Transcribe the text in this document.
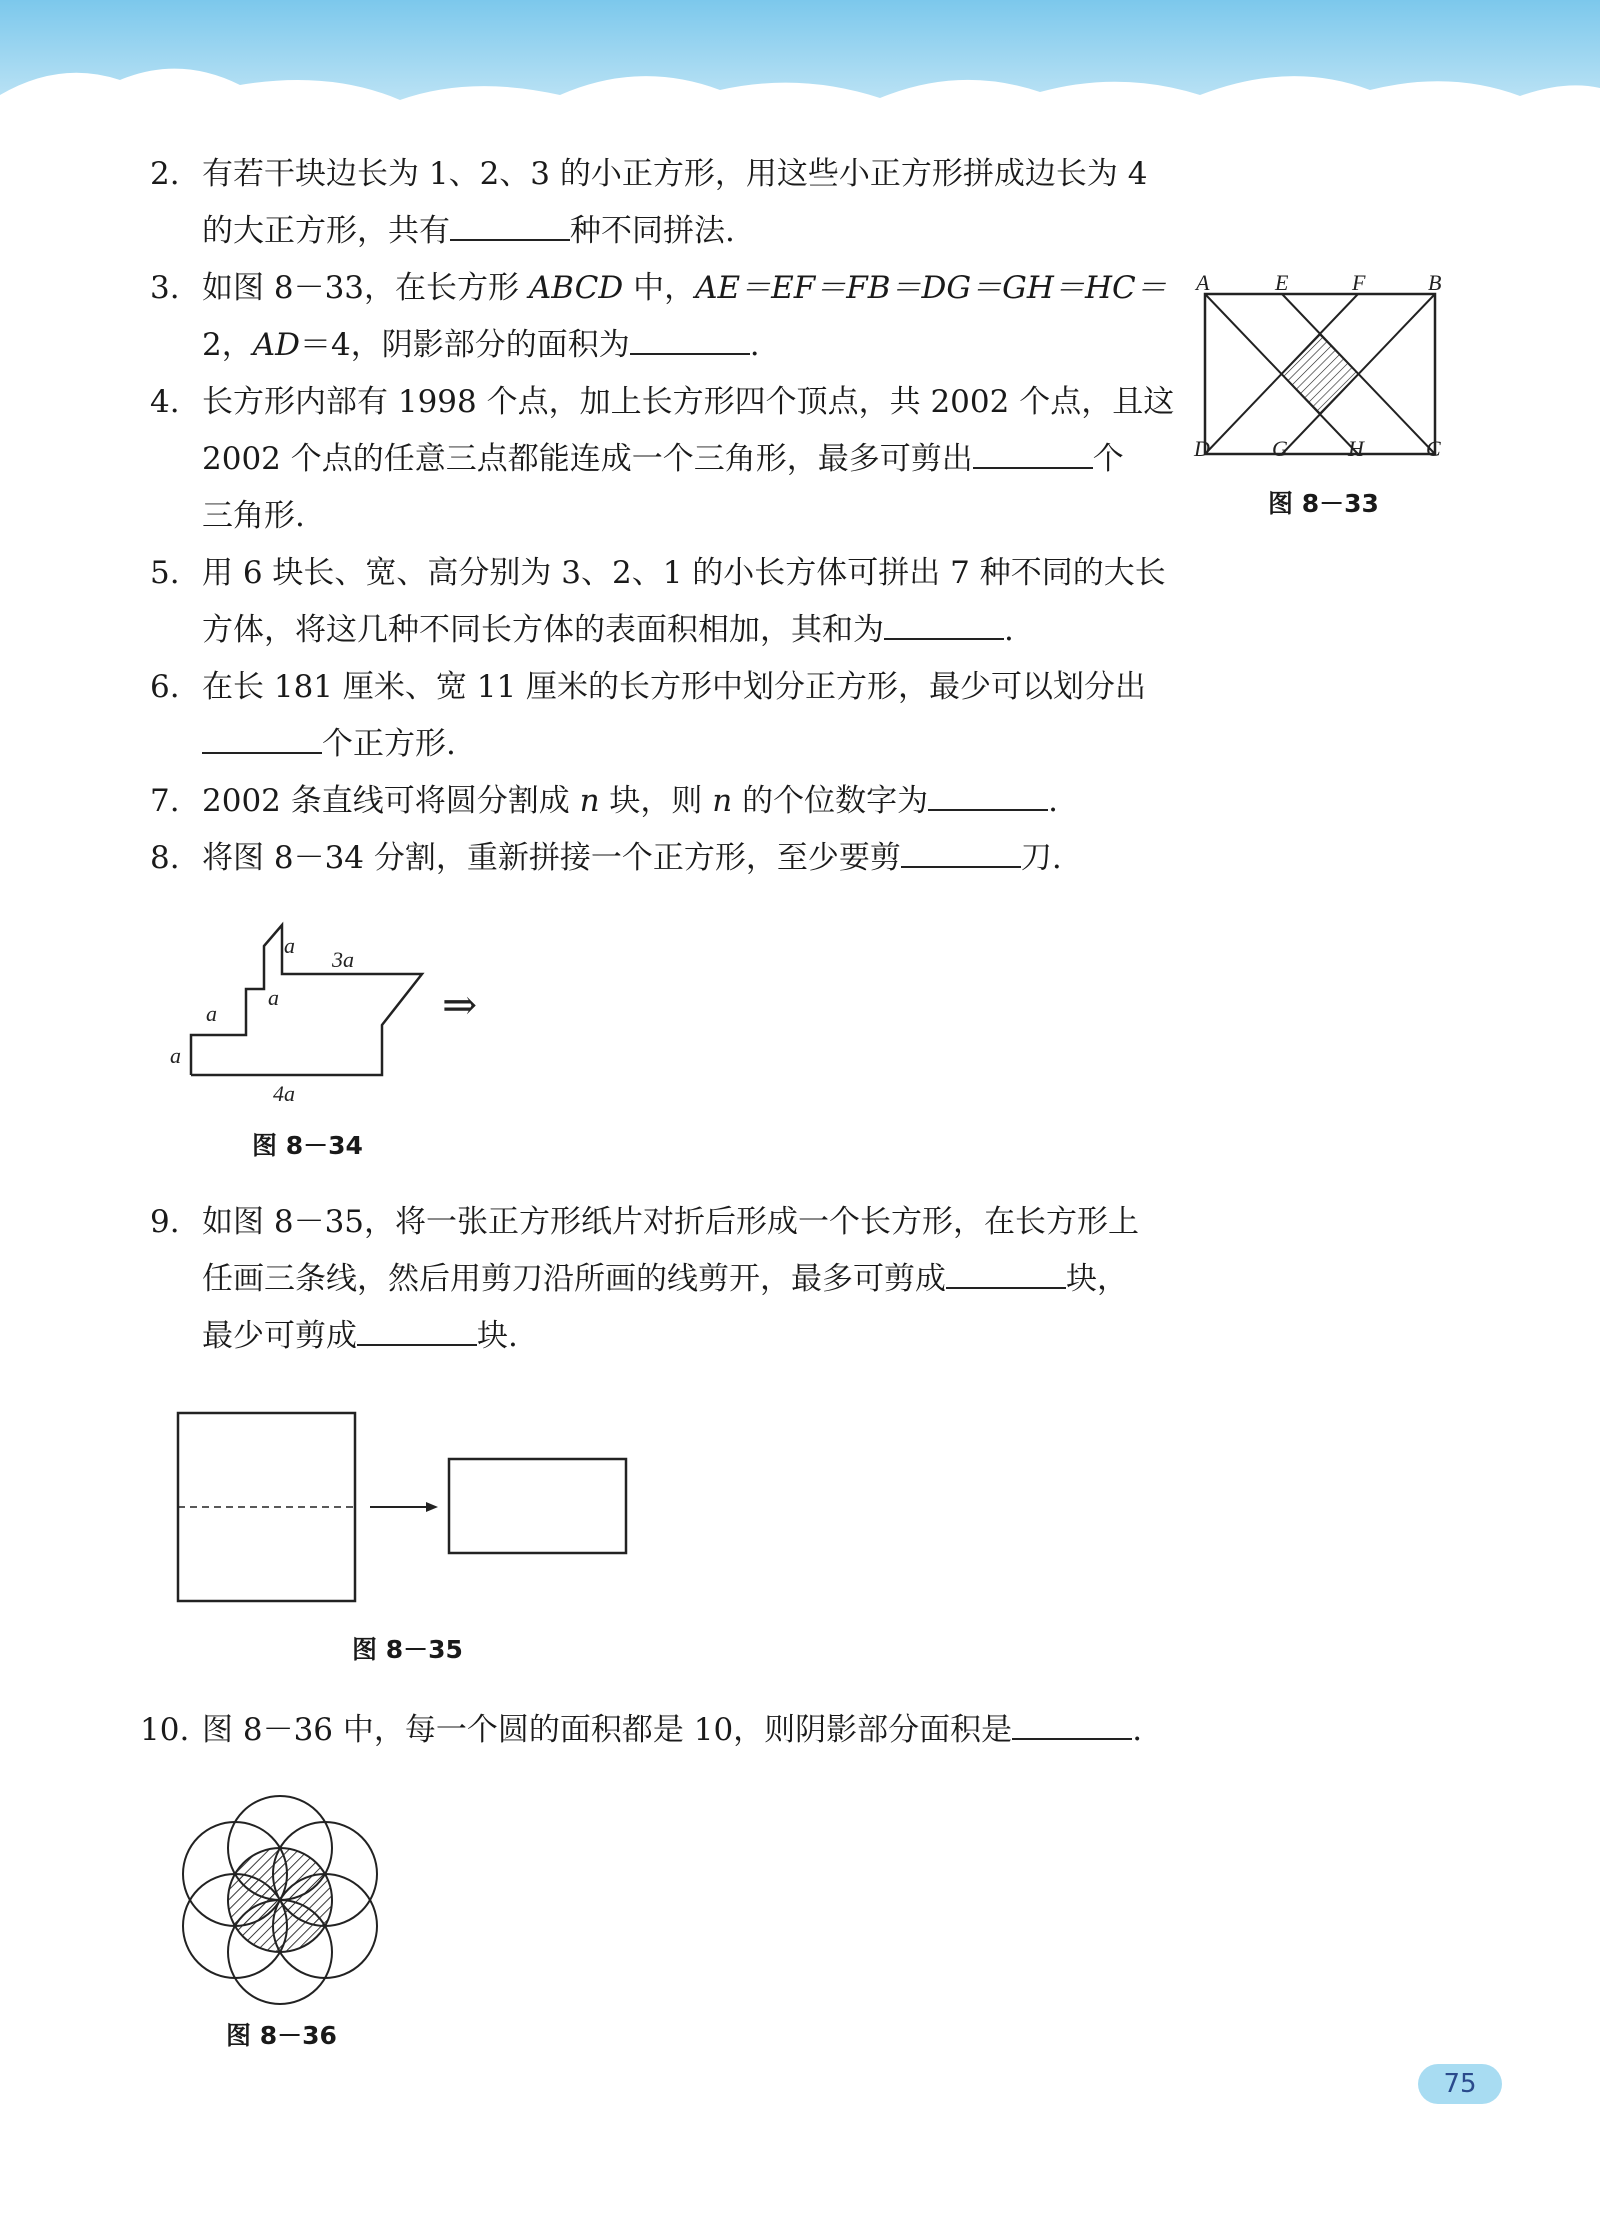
2. 有若干块边长为 1、2、3 的小正方形，用这些小正方形拼成边长为 4
的大正方形，共有	种不同拼法.
3. 如图 8－33，在长方形 ABCD 中，AE＝EF＝FB＝DG＝GH＝HC＝
2，AD＝4，阴影部分的面积为	.
4. 长方形内部有 1998 个点，加上长方形四个顶点，共 2002 个点，且这
2002 个点的任意三点都能连成一个三角形，最多可剪出	个
三角形.
5. 用 6 块长、宽、高分别为 3、2、1 的小长方体可拼出 7 种不同的大长
方体，将这几种不同长方体的表面积相加，其和为	.
6. 在长 181 厘米、宽 11 厘米的长方形中划分正方形，最少可以划分出
个正方形.
7. 2002 条直线可将圆分割成 n 块，则 n 的个位数字为	.
8. 将图 8－34 分割，重新拼接一个正方形，至少要剪	刀.
9. 如图 8－35，将一张正方形纸片对折后形成一个长方形，在长方形上
任画三条线，然后用剪刀沿所画的线剪开，最多可剪成	块，
最少可剪成	块.
10. 图 8－36 中，每一个圆的面积都是 10，则阴影部分面积是	.
A	E	F	B
D	G	H	C
图 8－33
a
3a
a
a
a
4a
⇒
图 8－34
图 8－35
图 8－36
75
